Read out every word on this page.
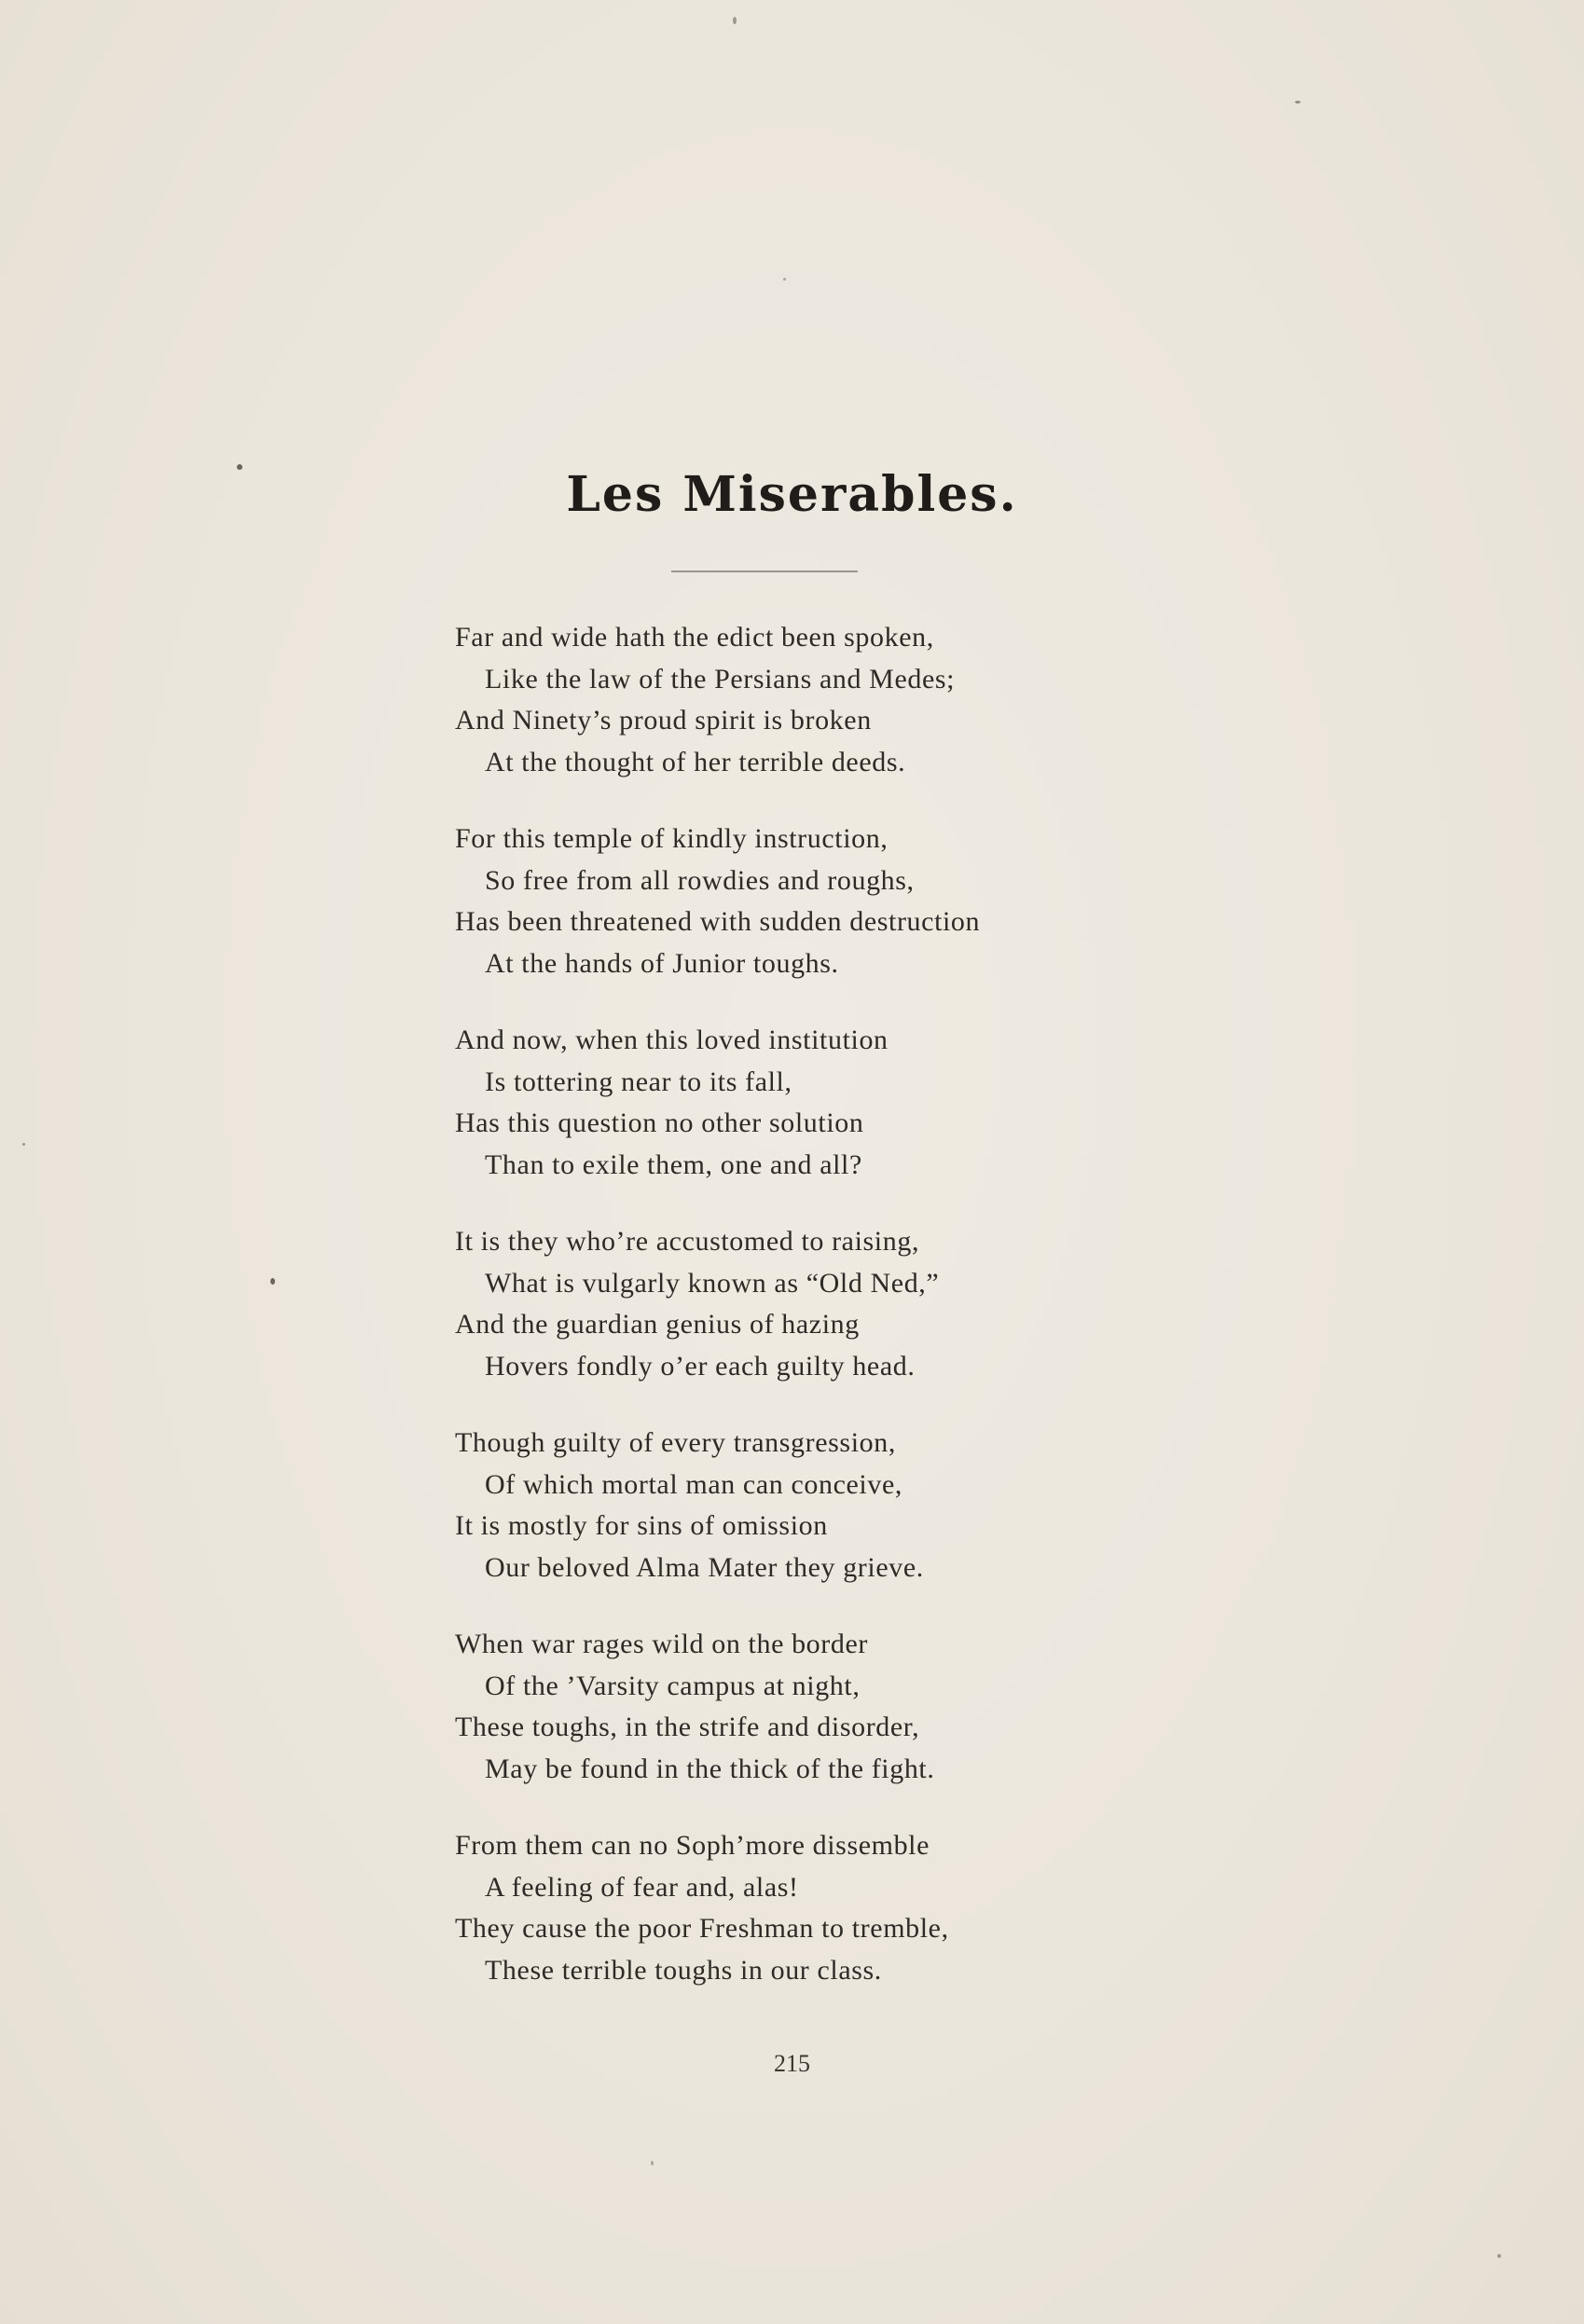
Les Miserables.
Far and wide hath the edict been spoken,
Like the law of the Persians and Medes;
And Ninety’s proud spirit is broken
At the thought of her terrible deeds.
For this temple of kindly instruction,
So free from all rowdies and roughs,
Has been threatened with sudden destruction
At the hands of Junior toughs.
And now, when this loved institution
Is tottering near to its fall,
Has this question no other solution
Than to exile them, one and all?
It is they who’re accustomed to raising,
What is vulgarly known as “Old Ned,”
And the guardian genius of hazing
Hovers fondly o’er each guilty head.
Though guilty of every transgression,
Of which mortal man can conceive,
It is mostly for sins of omission
Our beloved Alma Mater they grieve.
When war rages wild on the border
Of the ’Varsity campus at night,
These toughs, in the strife and disorder,
May be found in the thick of the fight.
From them can no Soph’more dissemble
A feeling of fear and, alas!
They cause the poor Freshman to tremble,
These terrible toughs in our class.
215
